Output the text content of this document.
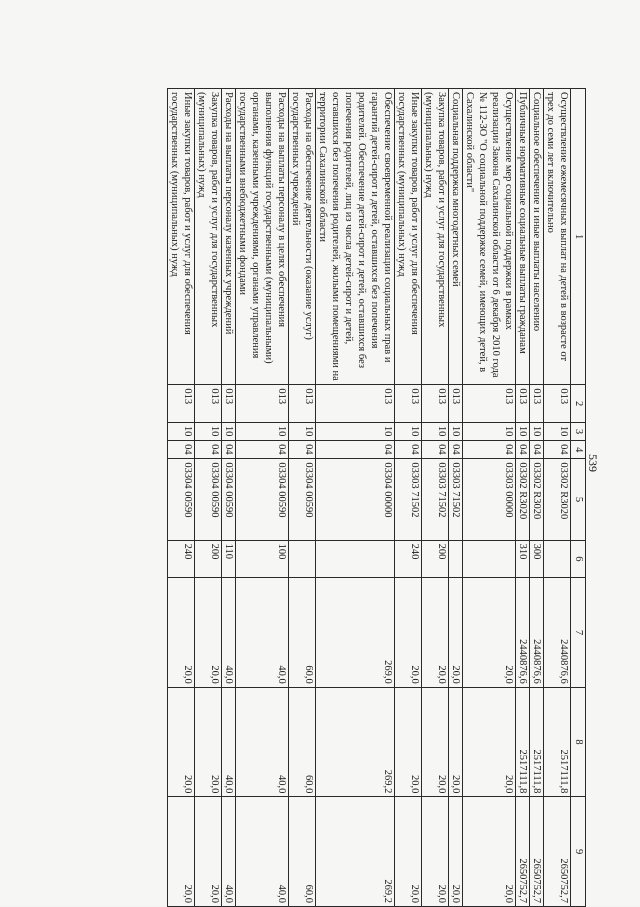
539
1	2	3	4	5	6	7	8	9
Осуществление ежемесячных выплат на детей в возрасте от трех до семи лет включительно	013	10	04	03302 R3020		2440876,6	2517111,8	2650752,7
Социальное обеспечение и иные выплаты населению	013	10	04	03302 R3020	300	2440876,6	2517111,8	2650752,7
Публичные нормативные социальные выплаты гражданам	013	10	04	03302 R3020	310	2440876,6	2517111,8	2650752,7
Осуществление мер социальной поддержки в рамках реализации Закона Сахалинской области от 6 декабря 2010 года № 112-ЗО "О социальной поддержке семей, имеющих детей, в Сахалинской области"	013	10	04	03303 00000		20,0	20,0	20,0
Социальная поддержка многодетных семей	013	10	04	03303 71502		20,0	20,0	20,0
Закупка товаров, работ и услуг для государственных (муниципальных) нужд	013	10	04	03303 71502	200	20,0	20,0	20,0
Иные закупки товаров, работ и услуг для обеспечения государственных (муниципальных) нужд	013	10	04	03303 71502	240	20,0	20,0	20,0
Обеспечение своевременной реализации социальных прав и гарантий детей-сирот и детей, оставшихся без попечения родителей. Обеспечение детей-сирот и детей, оставшихся без попечения родителей, лиц из числа детей-сирот и детей, оставшихся без попечения родителей, жилыми помещениями на территории Сахалинской области	013	10	04	03304 00000		269,0	269,2	269,2
Расходы на обеспечение деятельности (оказание услуг) государственных учреждений	013	10	04	03304 00590		60,0	60,0	60,0
Расходы на выплаты персоналу в целях обеспечения выполнения функций государственными (муниципальными) органами, казенными учреждениями, органами управления государственными внебюджетными фондами	013	10	04	03304 00590	100	40,0	40,0	40,0
Расходы на выплаты персоналу казенных учреждений	013	10	04	03304 00590	110	40,0	40,0	40,0
Закупка товаров, работ и услуг для государственных (муниципальных) нужд	013	10	04	03304 00590	200	20,0	20,0	20,0
Иные закупки товаров, работ и услуг для обеспечения государственных (муниципальных) нужд	013	10	04	03304 00590	240	20,0	20,0	20,0
